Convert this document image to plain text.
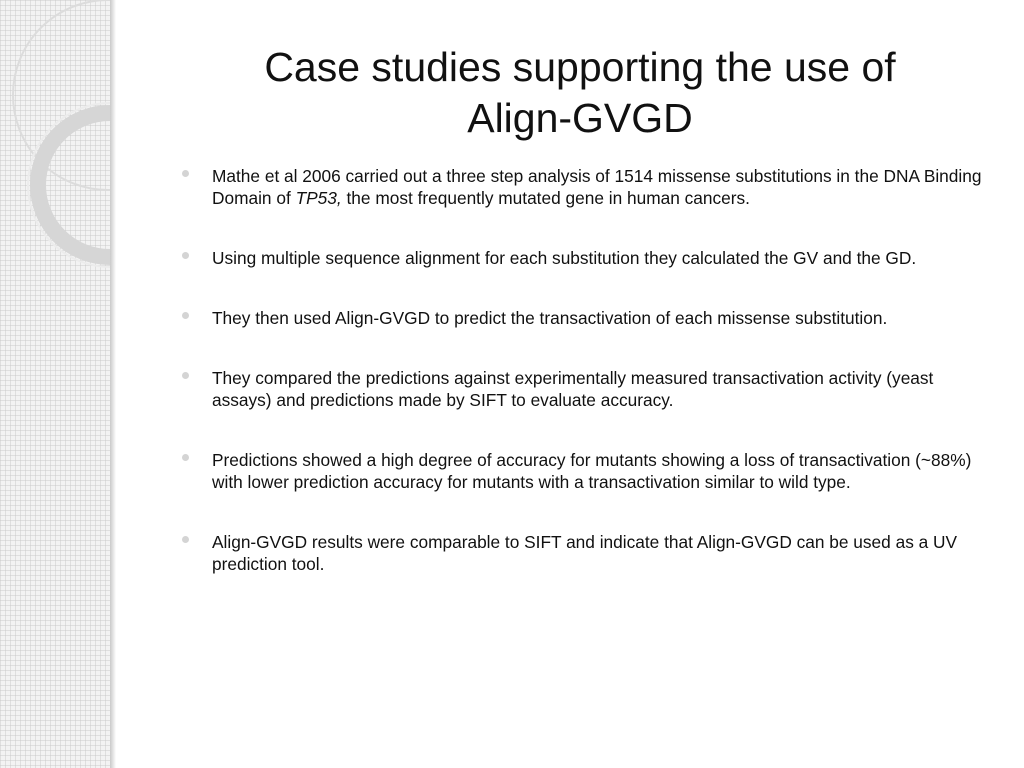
Case studies supporting the use of
Align-GVGD
Mathe et al 2006 carried out a three step analysis of 1514 missense substitutions in the DNA Binding Domain of TP53, the most frequently mutated gene in human cancers.
Using multiple sequence alignment for each substitution they calculated the GV and the GD.
They then used Align-GVGD to predict the transactivation of each missense substitution.
They compared the predictions against experimentally measured transactivation activity (yeast assays) and predictions made by SIFT to evaluate accuracy.
Predictions showed a high degree of accuracy for mutants showing a loss of transactivation (~88%) with lower prediction accuracy for mutants with a transactivation similar to wild type.
Align-GVGD results were comparable to SIFT and indicate that Align-GVGD can be used as a UV prediction tool.
